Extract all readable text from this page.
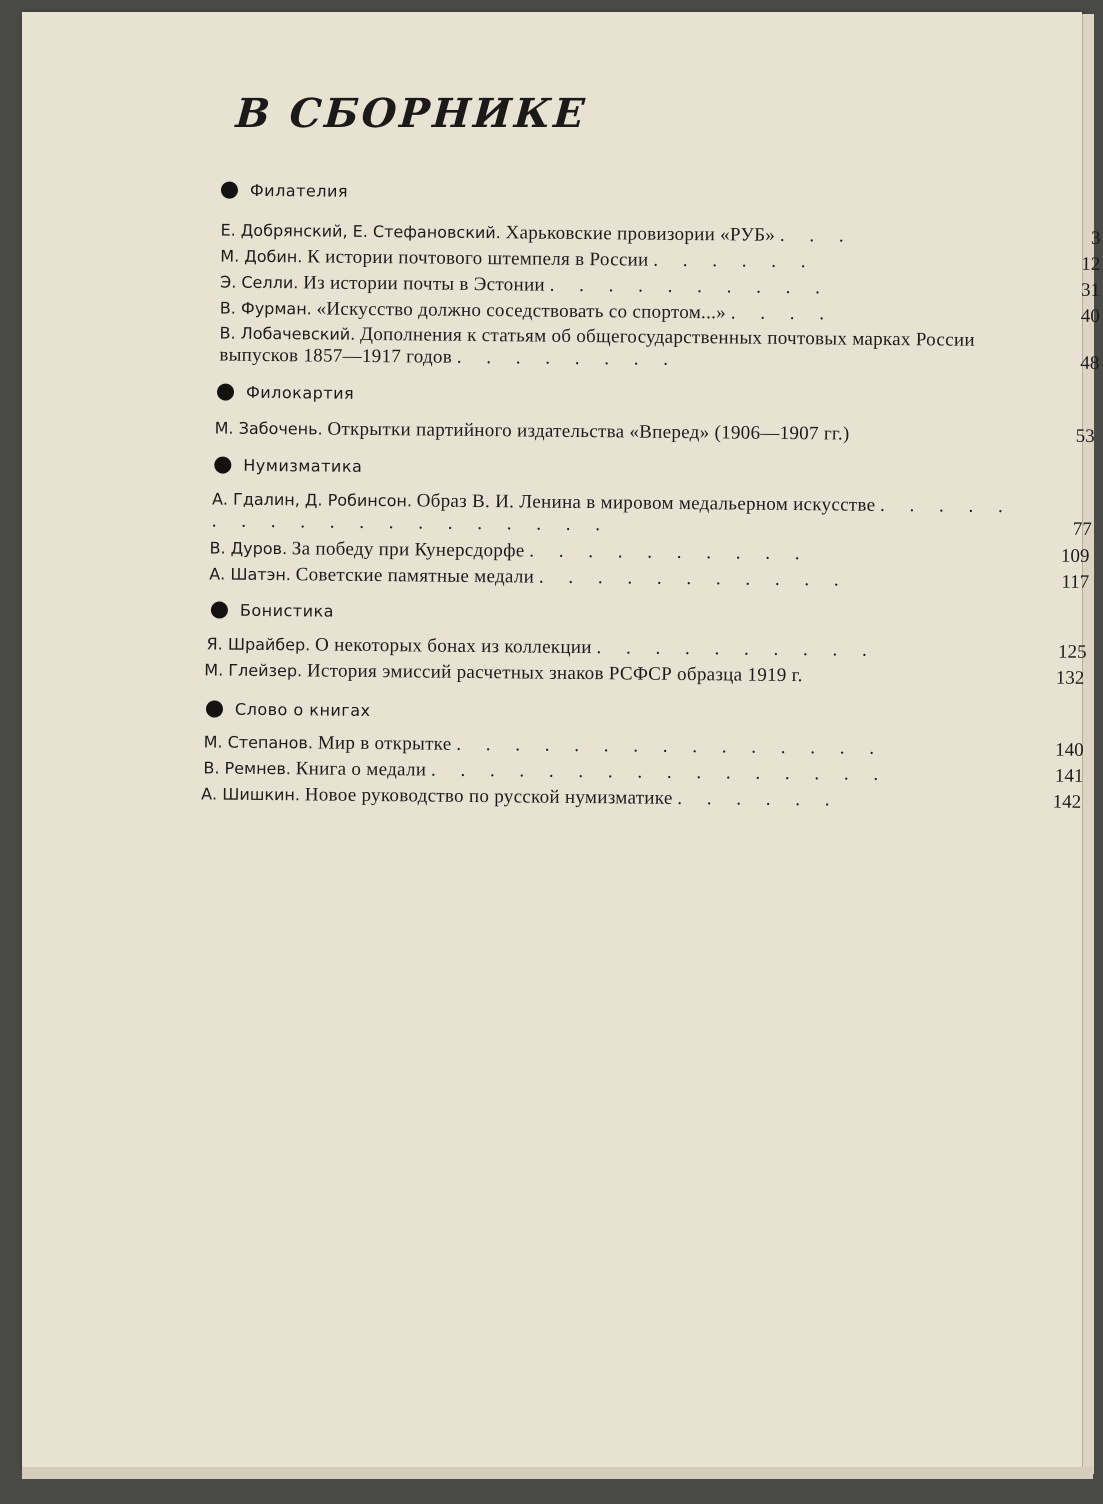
В СБОРНИКЕ
Филателия
Е. Добрянский, Е. Стефановский. Харьковские провизории «РУБ» . . .	3
М. Добин. К истории почтового штемпеля в России . . . . . .	12
Э. Селли. Из истории почты в Эстонии . . . . . . . . . .	31
В. Фурман. «Искусство должно соседствовать со спортом...» . . . .	40
В. Лобачевский. Дополнения к статьям об общегосударственных почтовых марках России выпусков 1857—1917 годов . . . . . . . .	48
Филокартия
М. Забочень. Открытки партийного издательства «Вперед» (1906—1907 гг.)	53
Нумизматика
А. Гдалин, Д. Робинсон. Образ В. И. Ленина в мировом медальерном искусстве . . . . . . . . . . . . . . . . . . .	77
В. Дуров. За победу при Кунерсдорфе . . . . . . . . . .	109
А. Шатэн. Советские памятные медали . . . . . . . . . . .	117
Бонистика
Я. Шрайбер. О некоторых бонах из коллекции . . . . . . . . . .	125
М. Глейзер. История эмиссий расчетных знаков РСФСР образца 1919 г.	132
Слово о книгах
М. Степанов. Мир в открытке . . . . . . . . . . . . . . .	140
В. Ремнев. Книга о медали . . . . . . . . . . . . . . . .	141
А. Шишкин. Новое руководство по русской нумизматике . . . . . .	142
